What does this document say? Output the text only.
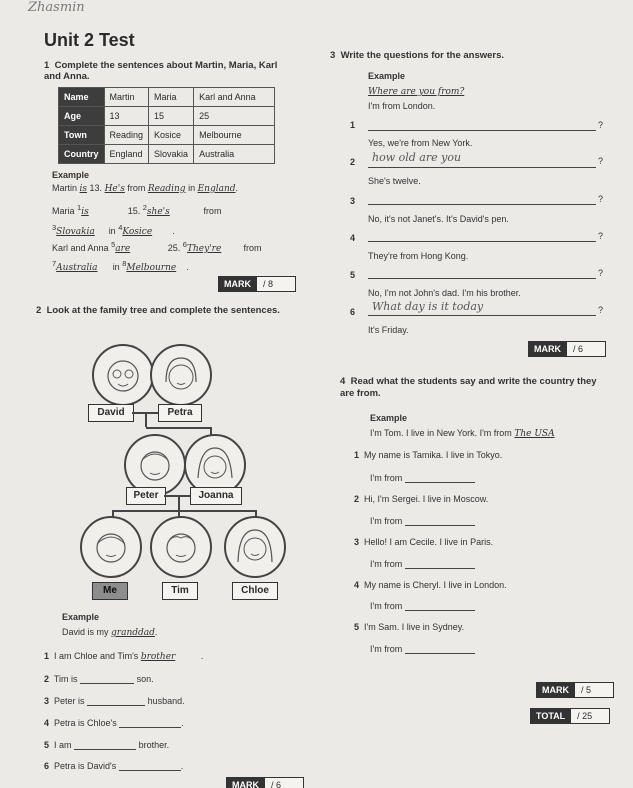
Zhasmin
Unit 2 Test
1 Complete the sentences about Martin, Maria, Karl and Anna.
Name	Martin	Maria	Karl and Anna
Age	13	15	25
Town	Reading	Kosice	Melbourne
Country	England	Slovakia	Australia
Example
Martin is 13. He's from Reading in England.
Maria $^1$is	15. $^2$she's	from
$^3$Slovakia in $^4$Kosice .
Karl and Anna $^5$are	25. $^6$They're from
$^7$Australia in $^8$Melbourne .
MARK	/ 8
2 Look at the family tree and complete the sentences.
David	Petra
Peter	Joanna
Me	Tim	Chloe
Example
David is my granddad.
1 I am Chloe and Tim's brother	.
2 Tim is	son.
3 Peter is	husband.
4 Petra is Chloe's	.
5 I am	brother.
6 Petra is David's	.
MARK	/ 6
3 Write the questions for the answers.
Example
Where are you from?
I'm from London.
1	?
Yes, we're from New York.
2 how old are you	?
She's twelve.
3	?
No, it's not Janet's. It's David's pen.
4	?
They're from Hong Kong.
5	?
No, I'm not John's dad. I'm his brother.
6 What day is it today	?
It's Friday.
MARK	/ 6
4 Read what the students say and write the country they are from.
Example
I'm Tom. I live in New York. I'm from The USA
1 My name is Tamika. I live in Tokyo.
I'm from
2 Hi, I'm Sergei. I live in Moscow.
I'm from
3 Hello! I am Cecile. I live in Paris.
I'm from
4 My name is Cheryl. I live in London.
I'm from
5 I'm Sam. I live in Sydney.
I'm from
MARK	/ 5
TOTAL	/ 25
